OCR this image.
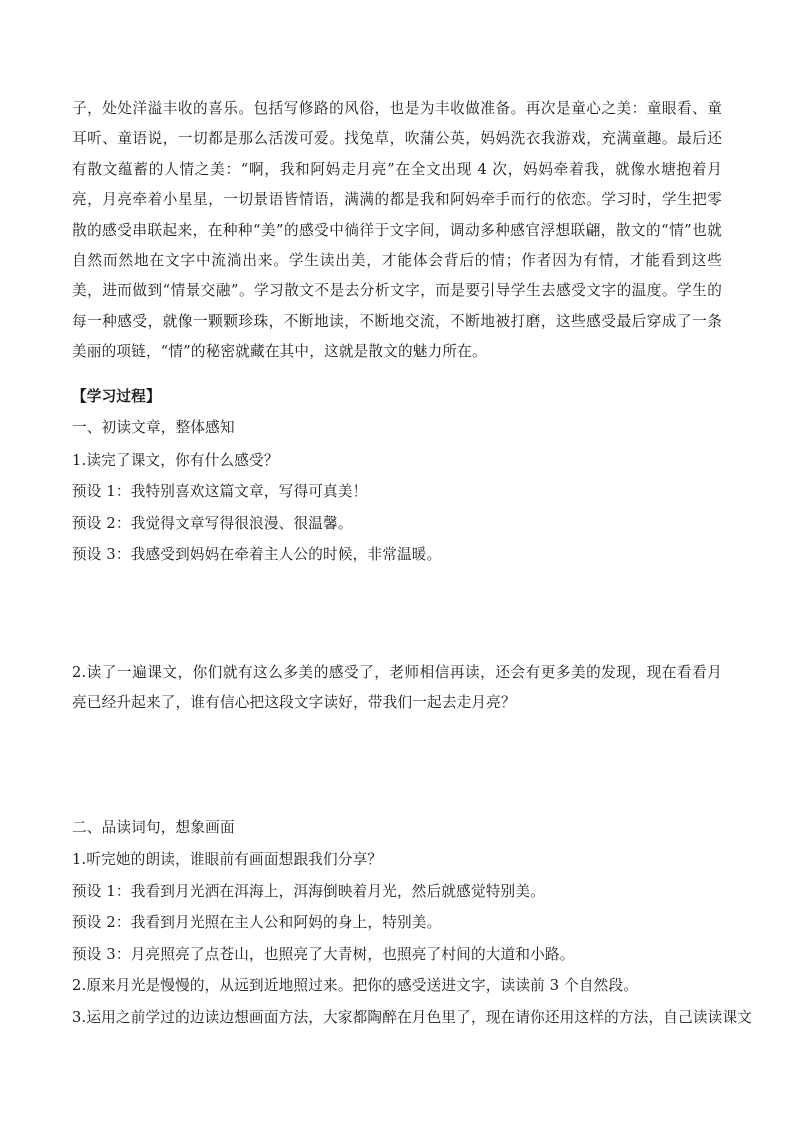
子，处处洋溢丰收的喜乐。包括写修路的风俗，也是为丰收做准备。再次是童心之美：童眼看、童耳听、童语说，一切都是那么活泼可爱。找兔草，吹蒲公英，妈妈洗衣我游戏，充满童趣。最后还有散文蕴蓄的人情之美：“啊，我和阿妈走月亮”在全文出现 4 次，妈妈牵着我，就像水塘抱着月亮，月亮牵着小星星，一切景语皆情语，满满的都是我和阿妈牵手而行的依恋。学习时，学生把零散的感受串联起来，在种种“美”的感受中徜徉于文字间，调动多种感官浮想联翩，散文的“情”也就自然而然地在文字中流淌出来。学生读出美，才能体会背后的情；作者因为有情，才能看到这些美，进而做到“情景交融”。学习散文不是去分析文字，而是要引导学生去感受文字的温度。学生的每一种感受，就像一颗颗珍珠，不断地读，不断地交流，不断地被打磨，这些感受最后穿成了一条美丽的项链，“情”的秘密就藏在其中，这就是散文的魅力所在。

【学习过程】

一、初读文章，整体感知

1.读完了课文，你有什么感受？

预设 1：我特别喜欢这篇文章，写得可真美！

预设 2：我觉得文章写得很浪漫、很温馨。

预设 3：我感受到妈妈在牵着主人公的时候，非常温暖。

2.读了一遍课文，你们就有这么多美的感受了，老师相信再读，还会有更多美的发现，现在看看月亮已经升起来了，谁有信心把这段文字读好，带我们一起去走月亮？

二、品读词句，想象画面

1.听完她的朗读，谁眼前有画面想跟我们分享？

预设 1：我看到月光洒在洱海上，洱海倒映着月光，然后就感觉特别美。

预设 2：我看到月光照在主人公和阿妈的身上，特别美。

预设 3：月亮照亮了点苍山，也照亮了大青树，也照亮了村间的大道和小路。

2.原来月光是慢慢的，从远到近地照过来。把你的感受送进文字，读读前 3 个自然段。

3.运用之前学过的边读边想画面方法，大家都陶醉在月色里了，现在请你还用这样的方法，自己读读课文
